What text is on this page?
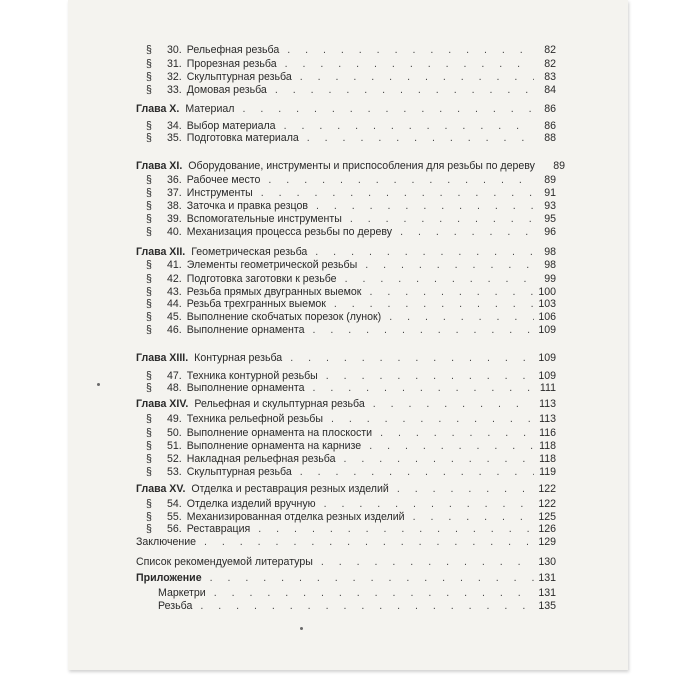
§	30. Рельефная резьба . . .	82
§	31. Прорезная резьба . . .	82
§	32. Скульптурная резьба . . .	83
§	33. Домовая резьба . . .	84
Глава X. Материал . . .	86
§	34. Выбор материала . . .	86
§	35. Подготовка материала . . .	88
Глава XI. Оборудование, инструменты и приспособления для резьбы по дереву	89
§	36. Рабочее место . . .	89
§	37. Инструменты . . .	91
§	38. Заточка и правка резцов . . .	93
§	39. Вспомогательные инструменты . . .	95
§	40. Механизация процесса резьбы по дереву . . .	96
Глава XII. Геометрическая резьба . . .	98
§	41. Элементы геометрической резьбы . . .	98
§	42. Подготовка заготовки к резьбе . . .	99
§	43. Резьба прямых двугранных выемок . . .	100
§	44. Резьба трехгранных выемок . . .	103
§	45. Выполнение скобчатых порезок (лунок) . . .	106
§	46. Выполнение орнамента . . .	109
Глава XIII. Контурная резьба . . .	109
§	47. Техника контурной резьбы . . .	109
§	48. Выполнение орнамента . . .	111
Глава XIV. Рельефная и скульптурная резьба . . .	113
§	49. Техника рельефной резьбы . . .	113
§	50. Выполнение орнамента на плоскости . . .	116
§	51. Выполнение орнамента на карнизе . . .	118
§	52. Накладная рельефная резьба . . .	118
§	53. Скульптурная резьба . . .	119
Глава XV. Отделка и реставрация резных изделий . . .	122
§	54. Отделка изделий вручную . . .	122
§	55. Механизированная отделка резных изделий . . .	125
§	56. Реставрация . . .	126
Заключение . . .	129
Список рекомендуемой литературы . . .	130
Приложение . . .	131
Маркетри . . .	131
Резьба . . .	135
